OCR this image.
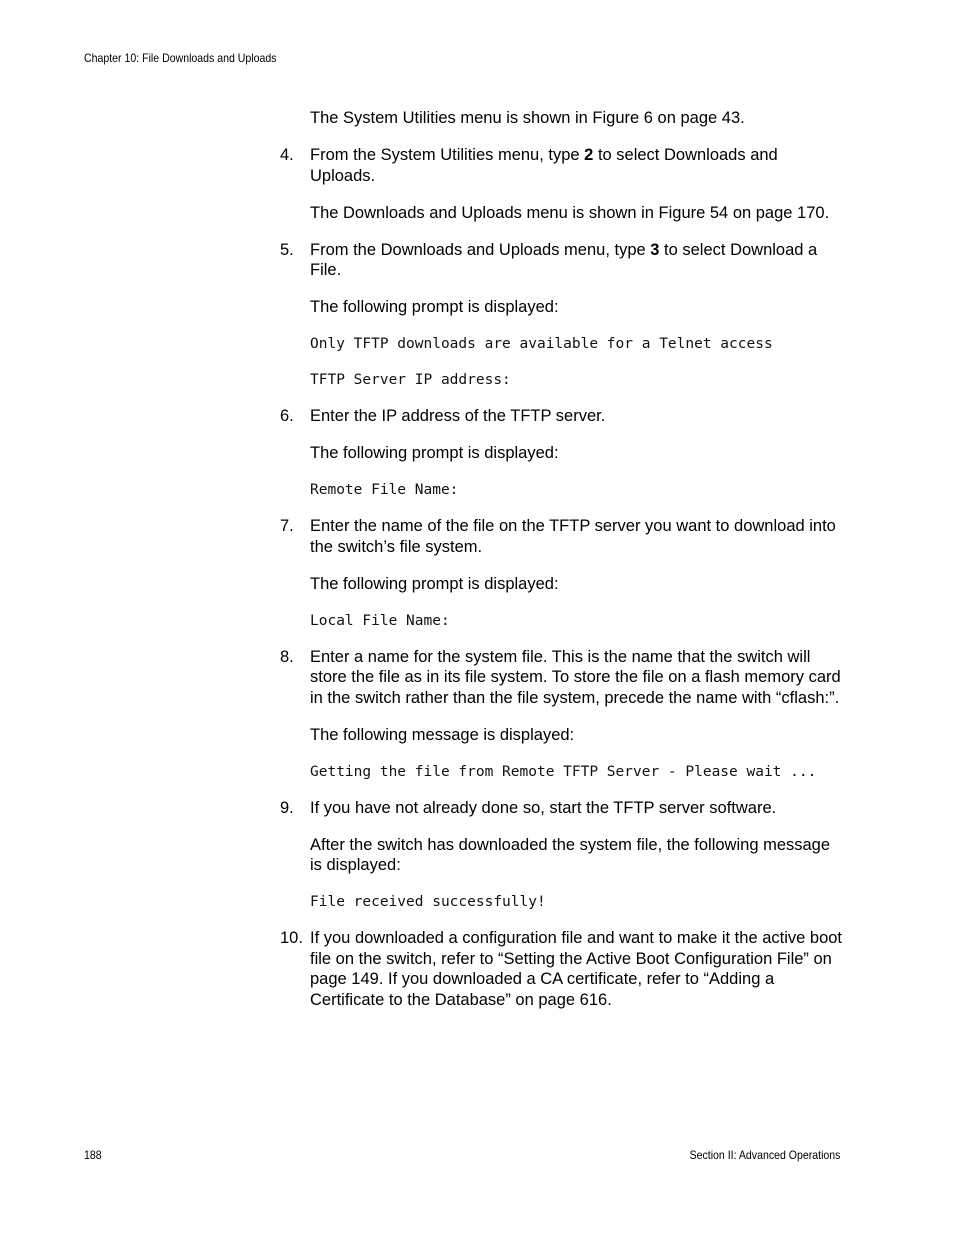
Chapter 10: File Downloads and Uploads

The System Utilities menu is shown in Figure 6 on page 43.

4. From the System Utilities menu, type 2 to select Downloads and Uploads.

The Downloads and Uploads menu is shown in Figure 54 on page 170.

5. From the Downloads and Uploads menu, type 3 to select Download a File.

The following prompt is displayed:

Only TFTP downloads are available for a Telnet access
TFTP Server IP address:

6. Enter the IP address of the TFTP server.

The following prompt is displayed:

Remote File Name:

7. Enter the name of the file on the TFTP server you want to download into the switch’s file system.

The following prompt is displayed:

Local File Name:

8. Enter a name for the system file. This is the name that the switch will store the file as in its file system. To store the file on a flash memory card in the switch rather than the file system, precede the name with “cflash:”.

The following message is displayed:

Getting the file from Remote TFTP Server - Please wait ...

9. If you have not already done so, start the TFTP server software.

After the switch has downloaded the system file, the following message is displayed:

File received successfully!

10. If you downloaded a configuration file and want to make it the active boot file on the switch, refer to “Setting the Active Boot Configuration File” on page 149. If you downloaded a CA certificate, refer to “Adding a Certificate to the Database” on page 616.

188	Section II: Advanced Operations
